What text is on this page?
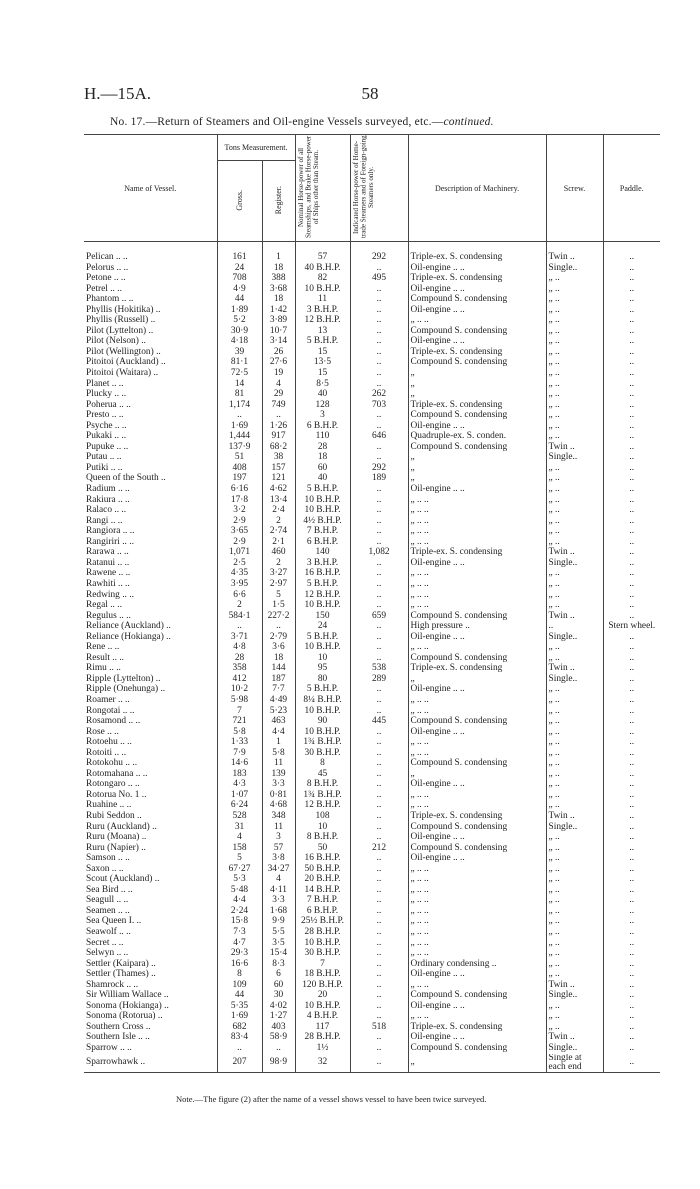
H.—15A.	58
No. 17.—Return of Steamers and Oil-engine Vessels surveyed, etc.—continued.
Name of Vessel.	Tons Measurement.		Nominal Horse-power of all Steamships, and Brake Horse-power of Ships other than Steam.	Indicated Horse-power of Home-trade Steamers and of Foreign-going Steamers only.	Description of Machinery.	Screw.	Paddle.
	Gross.	Register.					

Pelican .. ..	161	1	57	292	Triple-ex. S. condensing	Twin ..	..
Pelorus .. ..	24	18	40 B.H.P.	..	Oil-engine .. ..	Single..	..
Petone .. ..	708	388	82	495	Triple-ex. S. condensing	„ ..	..
Petrel .. ..	4·9	3·68	10 B.H.P.	..	Oil-engine .. ..	„ ..	..
Phantom .. ..	44	18	11	..	Compound S. condensing	„ ..	..
Phyllis (Hokitika) ..	1·89	1·42	3 B.H.P.	..	Oil-engine .. ..	„ ..	..
Phyllis (Russell) ..	5·2	3·89	12 B.H.P.	..	„ .. ..	„ ..	..
Pilot (Lyttelton) ..	30·9	10·7	13	..	Compound S. condensing	„ ..	..
Pilot (Nelson) ..	4·18	3·14	5 B.H.P.	..	Oil-engine .. ..	„ ..	..
Pilot (Wellington) ..	39	26	15	..	Triple-ex. S. condensing	„ ..	..
Pitoitoi (Auckland) ..	81·1	27·6	13·5	..	Compound S. condensing	„ ..	..
Pitoitoi (Waitara) ..	72·5	19	15	..	„	„ ..	..
Planet .. ..	14	4	8·5	..	„	„ ..	..
Plucky .. ..	81	29	40	262	„	„ ..	..
Poherua .. ..	1,174	749	128	703	Triple-ex. S. condensing	„ ..	..
Presto .. ..	..	..	3	..	Compound S. condensing	„ ..	..
Psyche .. ..	1·69	1·26	6 B.H.P.	..	Oil-engine .. ..	„ ..	..
Pukaki .. ..	1,444	917	110	646	Quadruple-ex. S. conden.	„ ..	..
Pupuke .. ..	137·9	68·2	28	..	Compound S. condensing	Twin ..	..
Putau .. ..	51	38	18	..	„	Single..	..
Putiki .. ..	408	157	60	292	„	„ ..	..
Queen of the South ..	197	121	40	189	„	„ ..	..
Radium .. ..	6·16	4·62	5 B.H.P.	..	Oil-engine .. ..	„ ..	..
Rakiura .. ..	17·8	13·4	10 B.H.P.	..	„ .. ..	„ ..	..
Ralaco .. ..	3·2	2·4	10 B.H.P.	..	„ .. ..	„ ..	..
Rangi .. ..	2·9	2	4½ B.H.P.	..	„ .. ..	„ ..	..
Rangiora .. ..	3·65	2·74	7 B.H.P.	..	„ .. ..	„ ..	..
Rangiriri .. ..	2·9	2·1	6 B.H.P.	..	„ .. ..	„ ..	..
Rarawa .. ..	1,071	460	140	1,082	Triple-ex. S. condensing	Twin ..	..
Ratanui .. ..	2·5	2	3 B.H.P.	..	Oil-engine .. ..	Single..	..
Rawene .. ..	4·35	3·27	16 B.H.P.	..	„ .. ..	„ ..	..
Rawhiti .. ..	3·95	2·97	5 B.H.P.	..	„ .. ..	„ ..	..
Redwing .. ..	6·6	5	12 B.H.P.	..	„ .. ..	„ ..	..
Regal .. ..	2	1·5	10 B.H.P.	..	„ .. ..	„ ..	..
Regulus .. ..	584·1	227·2	150	659	Compound S. condensing	Twin ..	..
Reliance (Auckland) ..	..	..	24	..	High pressure ..	..	Stern wheel.
Reliance (Hokianga) ..	3·71	2·79	5 B.H.P.	..	Oil-engine .. ..	Single..	..
Rene .. ..	4·8	3·6	10 B.H.P.	..	„ .. ..	„ ..	..
Result .. ..	28	18	10	..	Compound S. condensing	„ ..	..
Rimu .. ..	358	144	95	538	Triple-ex. S. condensing	Twin ..	..
Ripple (Lyttelton) ..	412	187	80	289	„	Single..	..
Ripple (Onehunga) ..	10·2	7·7	5 B.H.P.	..	Oil-engine .. ..	„ ..	..
Roamer .. ..	5·98	4·49	8¼ B.H.P.	..	„ .. ..	„ ..	..
Rongotai .. ..	7	5·23	10 B.H.P.	..	„ .. ..	„ ..	..
Rosamond .. ..	721	463	90	445	Compound S. condensing	„ ..	..
Rose .. ..	5·8	4·4	10 B.H.P.	..	Oil-engine .. ..	„ ..	..
Rotoehu .. ..	1·33	1	1¾ B.H.P.	..	„ .. ..	„ ..	..
Rotoiti .. ..	7·9	5·8	30 B.H.P.	..	„ .. ..	„ ..	..
Rotokohu .. ..	14·6	11	8	..	Compound S. condensing	„ ..	..
Rotomahana .. ..	183	139	45	..	„	„ ..	..
Rotongaro .. ..	4·3	3·3	8 B.H.P.	..	Oil-engine .. ..	„ ..	..
Rotorua No. 1 ..	1·07	0·81	1¾ B.H.P.	..	„ .. ..	„ ..	..
Ruahine .. ..	6·24	4·68	12 B.H.P.	..	„ .. ..	„ ..	..
Rubi Seddon ..	528	348	108	..	Triple-ex. S. condensing	Twin ..	..
Ruru (Auckland) ..	31	11	10	..	Compound S. condensing	Single..	..
Ruru (Moana) ..	4	3	8 B.H.P.	..	Oil-engine .. ..	„ ..	..
Ruru (Napier) ..	158	57	50	212	Compound S. condensing	„ ..	..
Samson .. ..	5	3·8	16 B.H.P.	..	Oil-engine .. ..	„ ..	..
Saxon .. ..	67·27	34·27	50 B.H.P.	..	„ .. ..	„ ..	..
Scout (Auckland) ..	5·3	4	20 B.H.P.	..	„ .. ..	„ ..	..
Sea Bird .. ..	5·48	4·11	14 B.H.P.	..	„ .. ..	„ ..	..
Seagull .. ..	4·4	3·3	7 B.H.P.	..	„ .. ..	„ ..	..
Seamen .. ..	2·24	1·68	6 B.H.P.	..	„ .. ..	„ ..	..
Sea Queen I. ..	15·8	9·9	25½ B.H.P.	..	„ .. ..	„ ..	..
Seawolf .. ..	7·3	5·5	28 B.H.P.	..	„ .. ..	„ ..	..
Secret .. ..	4·7	3·5	10 B.H.P.	..	„ .. ..	„ ..	..
Selwyn .. ..	29·3	15·4	30 B.H.P.	..	„ .. ..	„ ..	..
Settler (Kaipara) ..	16·6	8·3	7	..	Ordinary condensing ..	„ ..	..
Settler (Thames) ..	8	6	18 B.H.P.	..	Oil-engine .. ..	„ ..	..
Shamrock .. ..	109	60	120 B.H.P.	..	„ .. ..	Twin ..	..
Sir William Wallace ..	44	30	20	..	Compound S. condensing	Single..	..
Sonoma (Hokianga) ..	5·35	4·02	10 B.H.P.	..	Oil-engine .. ..	„ ..	..
Sonoma (Rotorua) ..	1·69	1·27	4 B.H.P.	..	„ .. ..	„ ..	..
Southern Cross ..	682	403	117	518	Triple-ex. S. condensing	„ ..	..
Southern Isle .. ..	83·4	58·9	28 B.H.P.	..	Oil-engine .. ..	Twin ..	..
Sparrow .. ..	..	..	1½	..	Compound S. condensing	Single..	..
Sparrowhawk ..	207	98·9	32	..	„	Single at each end	..
Note.—The figure (2) after the name of a vessel shows vessel to have been twice surveyed.
